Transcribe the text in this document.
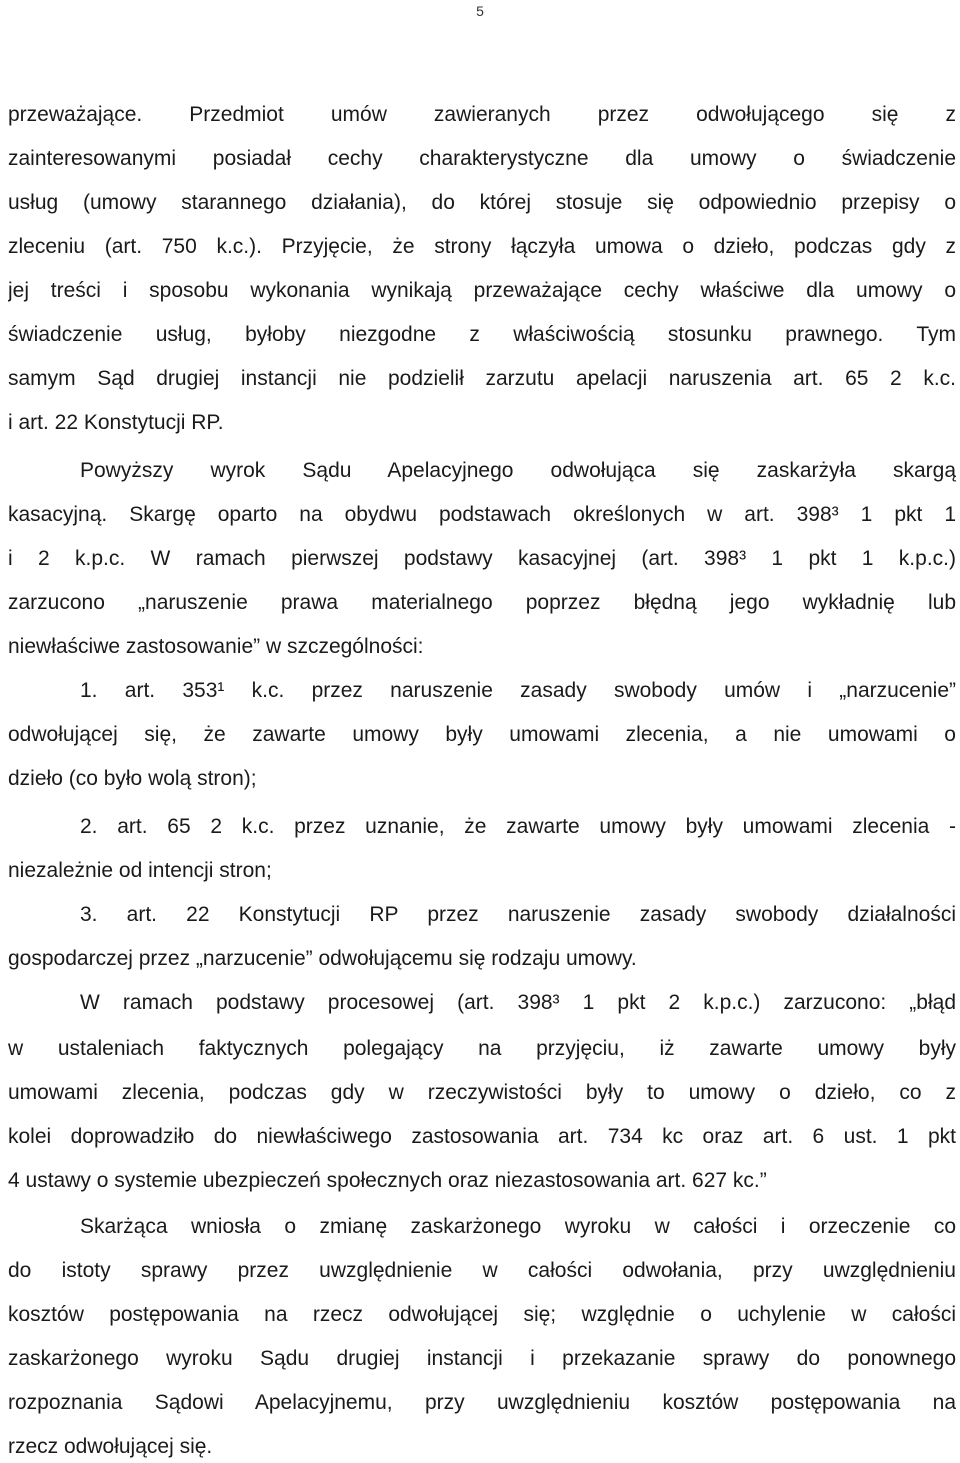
5
przeważające. Przedmiot umów zawieranych przez odwołującego się z
zainteresowanymi posiadał cechy charakterystyczne dla umowy o świadczenie
usług (umowy starannego działania), do której stosuje się odpowiednio przepisy o
zleceniu (art. 750 k.c.). Przyjęcie, że strony łączyła umowa o dzieło, podczas gdy z
jej treści i sposobu wykonania wynikają przeważające cechy właściwe dla umowy o
świadczenie usług, byłoby niezgodne z właściwością stosunku prawnego. Tym
samym Sąd drugiej instancji nie podzielił zarzutu apelacji naruszenia art. 65 2 k.c.
i art. 22 Konstytucji RP.
Powyższy wyrok Sądu Apelacyjnego odwołująca się zaskarżyła skargą
kasacyjną. Skargę oparto na obydwu podstawach określonych w art. 398³ 1 pkt 1
i 2 k.p.c. W ramach pierwszej podstawy kasacyjnej (art. 398³ 1 pkt 1 k.p.c.)
zarzucono „naruszenie prawa materialnego poprzez błędną jego wykładnię lub
niewłaściwe zastosowanie” w szczególności:
1. art. 353¹ k.c. przez naruszenie zasady swobody umów i „narzucenie”
odwołującej się, że zawarte umowy były umowami zlecenia, a nie umowami o
dzieło (co było wolą stron);
2. art. 65 2 k.c. przez uznanie, że zawarte umowy były umowami zlecenia -
niezależnie od intencji stron;
3. art. 22 Konstytucji RP przez naruszenie zasady swobody działalności
gospodarczej przez „narzucenie” odwołującemu się rodzaju umowy.
W ramach podstawy procesowej (art. 398³ 1 pkt 2 k.p.c.) zarzucono: „błąd
w ustaleniach faktycznych polegający na przyjęciu, iż zawarte umowy były
umowami zlecenia, podczas gdy w rzeczywistości były to umowy o dzieło, co z
kolei doprowadziło do niewłaściwego zastosowania art. 734 kc oraz art. 6 ust. 1 pkt
4 ustawy o systemie ubezpieczeń społecznych oraz niezastosowania art. 627 kc.”
Skarżąca wniosła o zmianę zaskarżonego wyroku w całości i orzeczenie co
do istoty sprawy przez uwzględnienie w całości odwołania, przy uwzględnieniu
kosztów postępowania na rzecz odwołującej się; względnie o uchylenie w całości
zaskarżonego wyroku Sądu drugiej instancji i przekazanie sprawy do ponownego
rozpoznania Sądowi Apelacyjnemu, przy uwzględnieniu kosztów postępowania na
rzecz odwołującej się.
